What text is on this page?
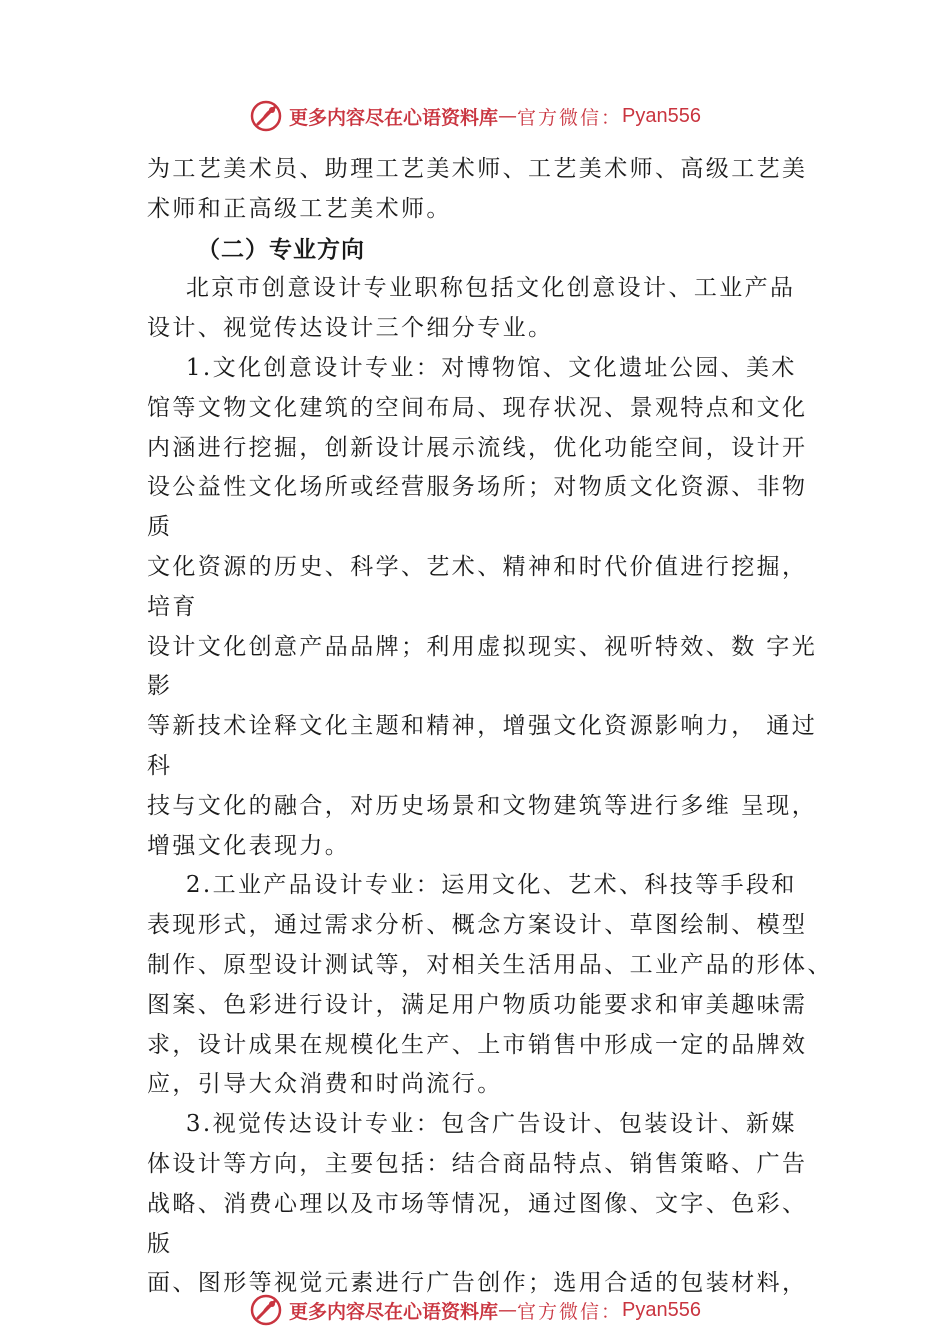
更多内容尽在心语资料库 — 官方微信： Pyan556
为工艺美术员、助理工艺美术师、工艺美术师、高级工艺美
术师和正高级工艺美术师。
（二）专业方向
北京市创意设计专业职称包括文化创意设计、工业产品
设计、视觉传达设计三个细分专业。
1.文化创意设计专业：对博物馆、文化遗址公园、美术
馆等文物文化建筑的空间布局、现存状况、景观特点和文化
内涵进行挖掘，创新设计展示流线，优化功能空间，设计开
设公益性文化场所或经营服务场所；对物质文化资源、非物 质
文化资源的历史、科学、艺术、精神和时代价值进行挖掘， 培育
设计文化创意产品品牌；利用虚拟现实、视听特效、数 字光影
等新技术诠释文化主题和精神，增强文化资源影响力， 通过科
技与文化的融合，对历史场景和文物建筑等进行多维 呈现，
增强文化表现力。
2.工业产品设计专业：运用文化、艺术、科技等手段和
表现形式，通过需求分析、概念方案设计、草图绘制、模型
制作、原型设计测试等，对相关生活用品、工业产品的形体、
图案、色彩进行设计，满足用户物质功能要求和审美趣味需
求，设计成果在规模化生产、上市销售中形成一定的品牌效
应，引导大众消费和时尚流行。
3.视觉传达设计专业：包含广告设计、包装设计、新媒
体设计等方向，主要包括：结合商品特点、销售策略、广告
战略、消费心理以及市场等情况，通过图像、文字、色彩、 版
面、图形等视觉元素进行广告创作；选用合适的包装材料，
更多内容尽在心语资料库 — 官方微信： Pyan556
